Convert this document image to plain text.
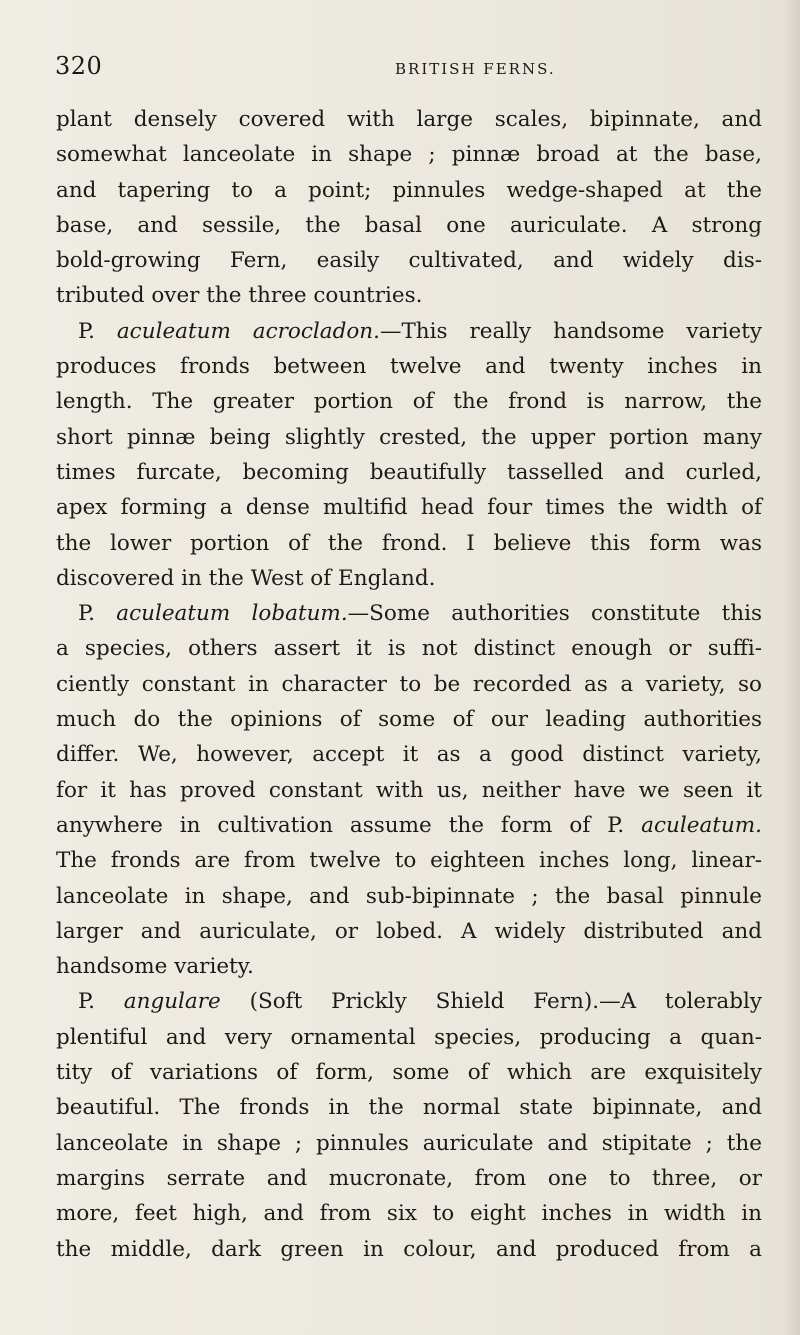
320	BRITISH FERNS.
plant densely covered with large scales, bipinnate, and
somewhat lanceolate in shape ; pinnæ broad at the base,
and tapering to a point; pinnules wedge-shaped at the
base, and sessile, the basal one auriculate. A strong
bold-growing Fern, easily cultivated, and widely dis-
tributed over the three countries.
P. aculeatum acrocladon.—This really handsome variety
produces fronds between twelve and twenty inches in
length. The greater portion of the frond is narrow, the
short pinnæ being slightly crested, the upper portion many
times furcate, becoming beautifully tasselled and curled,
apex forming a dense multifid head four times the width of
the lower portion of the frond. I believe this form was
discovered in the West of England.
P. aculeatum lobatum.—Some authorities constitute this
a species, others assert it is not distinct enough or suffi-
ciently constant in character to be recorded as a variety, so
much do the opinions of some of our leading authorities
differ. We, however, accept it as a good distinct variety,
for it has proved constant with us, neither have we seen it
anywhere in cultivation assume the form of P. aculeatum.
The fronds are from twelve to eighteen inches long, linear-
lanceolate in shape, and sub-bipinnate ; the basal pinnule
larger and auriculate, or lobed. A widely distributed and
handsome variety.
P. angulare (Soft Prickly Shield Fern).—A tolerably
plentiful and very ornamental species, producing a quan-
tity of variations of form, some of which are exquisitely
beautiful. The fronds in the normal state bipinnate, and
lanceolate in shape ; pinnules auriculate and stipitate ; the
margins serrate and mucronate, from one to three, or
more, feet high, and from six to eight inches in width in
the middle, dark green in colour, and produced from a
